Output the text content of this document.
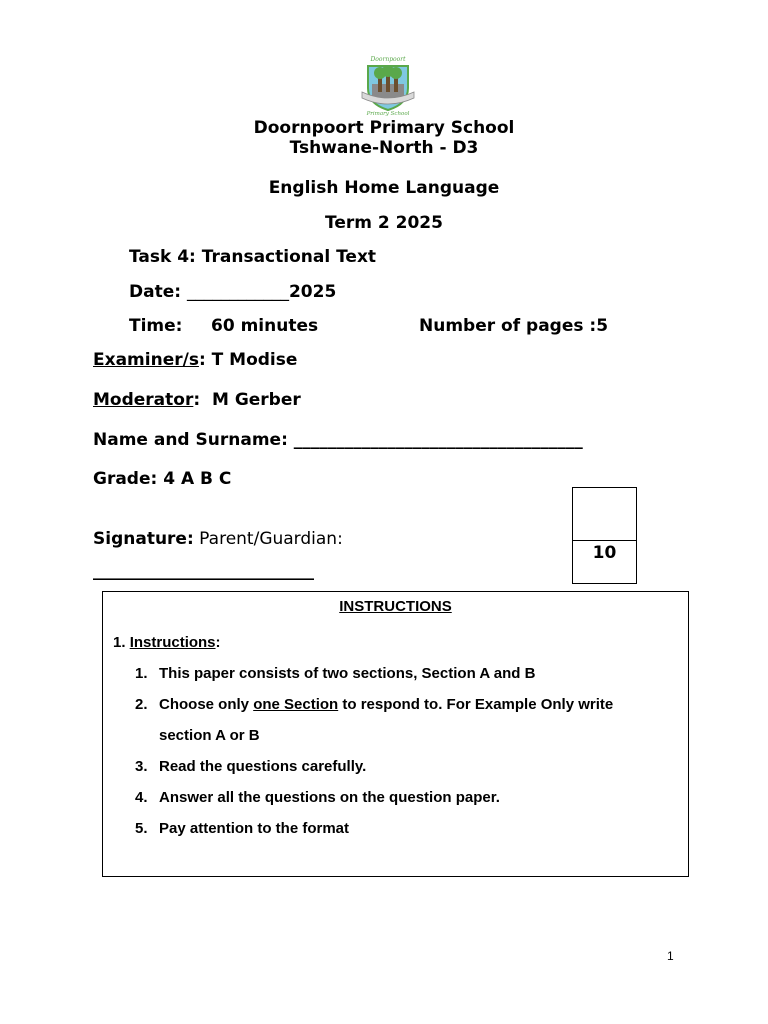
Doornpoort
Primary School
Doornpoort Primary School
Tshwane-North - D3
English Home Language
Term 2 2025
Task 4: Transactional Text
Date: ____________2025
Time: 60 minutes	Number of pages :5
Examiner/s: T Modise
Moderator:  M Gerber
Name and Surname: __________________________________
Grade: 4 A B C
Signature: Parent/Guardian:
__________________________
10
INSTRUCTIONS
1. Instructions:
1. This paper consists of two sections, Section A and B
2. Choose only one Section to respond to. For Example Only write section A or B
3. Read the questions carefully.
4. Answer all the questions on the question paper.
5. Pay attention to the format
1
